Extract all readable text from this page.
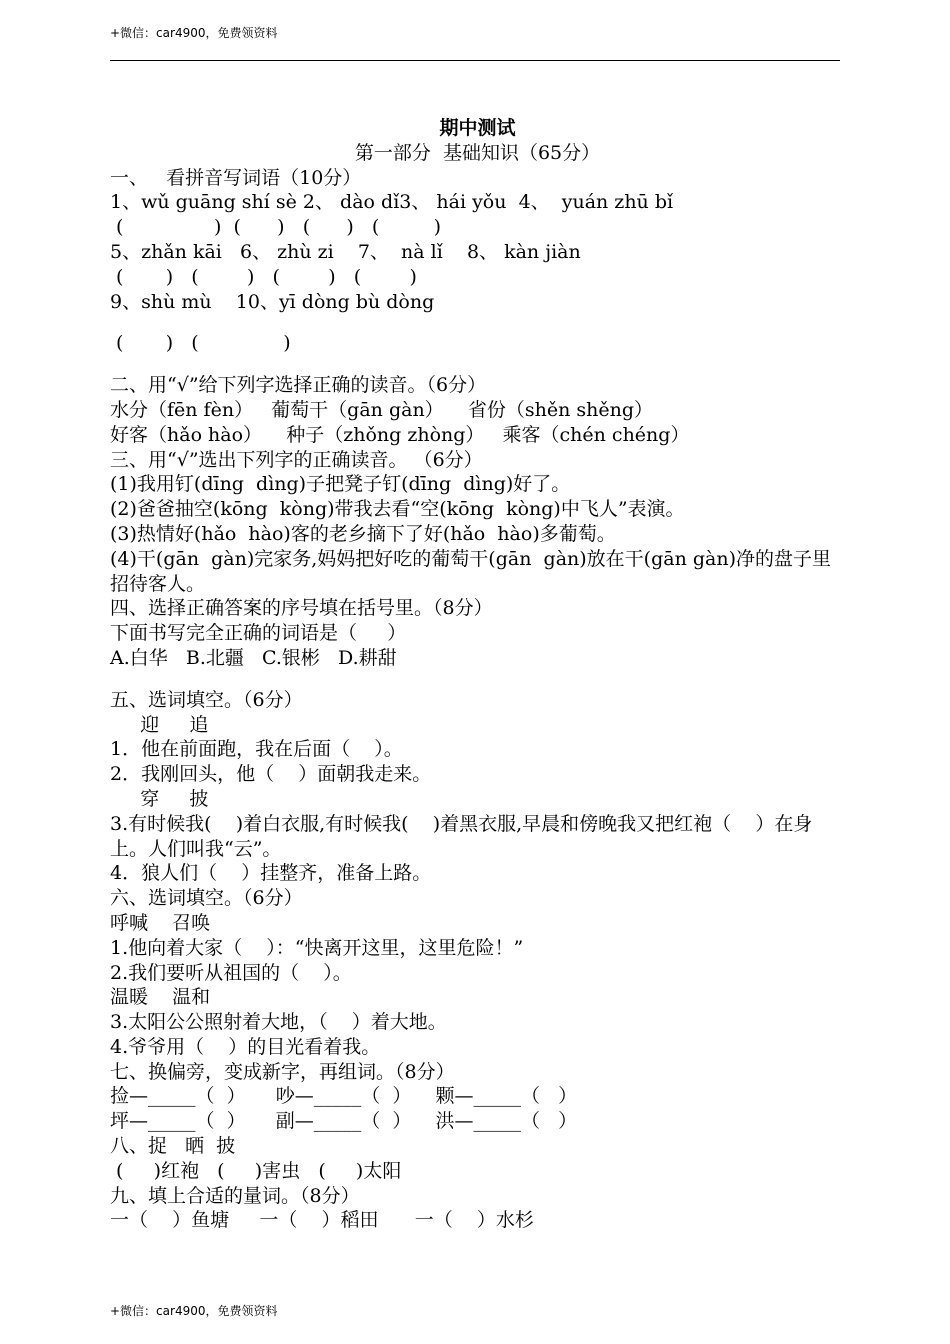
+微信：car4900，免费领资料
期中测试
第一部分  基础知识（65分）
一、   看拼音写词语（10分）
1、wǔ guāng shí sè 2、 dào dǐ3、 hái yǒu  4、  yuán zhū bǐ
(               )  (      )   (      )   (         )
5、zhǎn kāi   6、 zhù zi    7、  nà lǐ    8、 kàn jiàn
(       )   (        )   (        )   (        )
9、shù mù    10、yī dòng bù dòng
(       )   (              )
二、用“√”给下列字选择正确的读音。（6分）
水分（fēn fèn）   葡萄干（gān gàn）    省份（shěn shěng）
好客（hǎo hào）    种子（zhǒng zhòng）   乘客（chén chéng）
三、用“√”选出下列字的正确读音。 （6分）
(1)我用钉(dīng  dìng)子把凳子钉(dīng  dìng)好了。
(2)爸爸抽空(kōng  kòng)带我去看“空(kōng  kòng)中飞人”表演。
(3)热情好(hǎo  hào)客的老乡摘下了好(hǎo  hào)多葡萄。
(4)干(gān  gàn)完家务,妈妈把好吃的葡萄干(gān  gàn)放在干(gān gàn)净的盘子里招待客人。
四、选择正确答案的序号填在括号里。（8分）
下面书写完全正确的词语是（     ）
A.白华   B.北疆   C.银彬   D.耕甜
五、选词填空。（6分）
迎     追
1．他在前面跑，我在后面（    ）。
2．我刚回头，他（    ）面朝我走来。
穿     披
3.有时候我(    )着白衣服,有时候我(    )着黑衣服,早晨和傍晚我又把红袍（    ）在身上。人们叫我“云”。
4．狼人们（    ）挂整齐，准备上路。
六、选词填空。（6分）
呼喊    召唤
1.他向着大家（    ）：“快离开这里，这里危险！”
2.我们要听从祖国的（    ）。
温暖    温和
3.太阳公公照射着大地，（    ）着大地。
4.爷爷用（    ）的目光看着我。
七、换偏旁，变成新字，再组词。（8分）
捡—_____（  ）     吵—_____（  ）    颗—_____（   ）
坪—_____（  ）     副—_____（  ）    洪—_____（   ）
八、捉   晒  披
(     )红袍   (     )害虫   (     )太阳
九、填上合适的量词。（8分）
一（    ）鱼塘     一（    ）稻田      一（    ）水杉
+微信：car4900，免费领资料
